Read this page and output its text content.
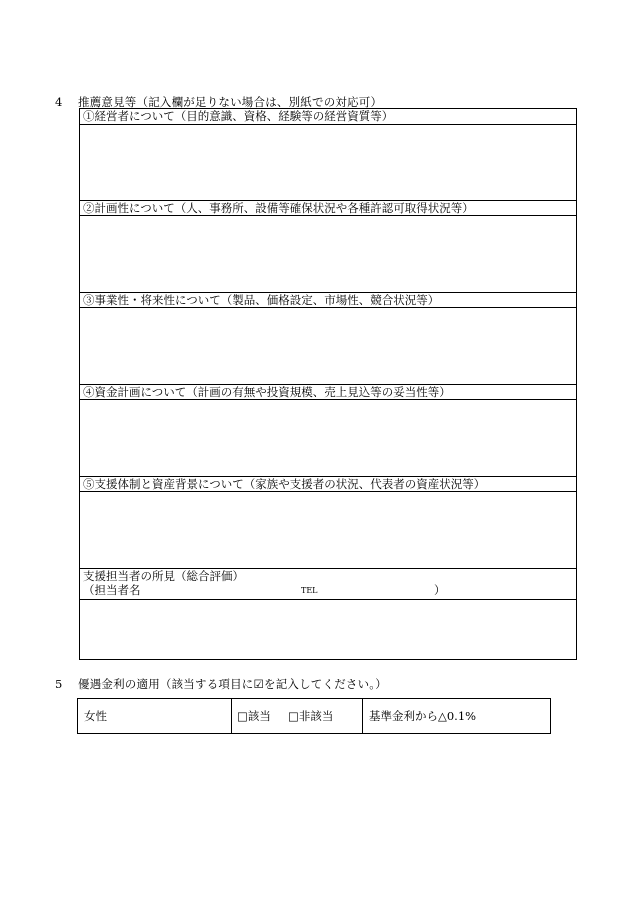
4 推薦意見等（記入欄が足りない場合は、別紙での対応可）
①経営者について（目的意識、資格、経験等の経営資質等）
②計画性について（人、事務所、設備等確保状況や各種許認可取得状況等）
③事業性・将来性について（製品、価格設定、市場性、競合状況等）
④資金計画について（計画の有無や投資規模、売上見込等の妥当性等）
⑤支援体制と資産背景について（家族や支援者の状況、代表者の資産状況等）
支援担当者の所見（総合評価）
（担当者名	TEL	）
5 優遇金利の適用（該当する項目に☑を記入してください。）
女性	□該当 □非該当	基準金利から△0.1%
